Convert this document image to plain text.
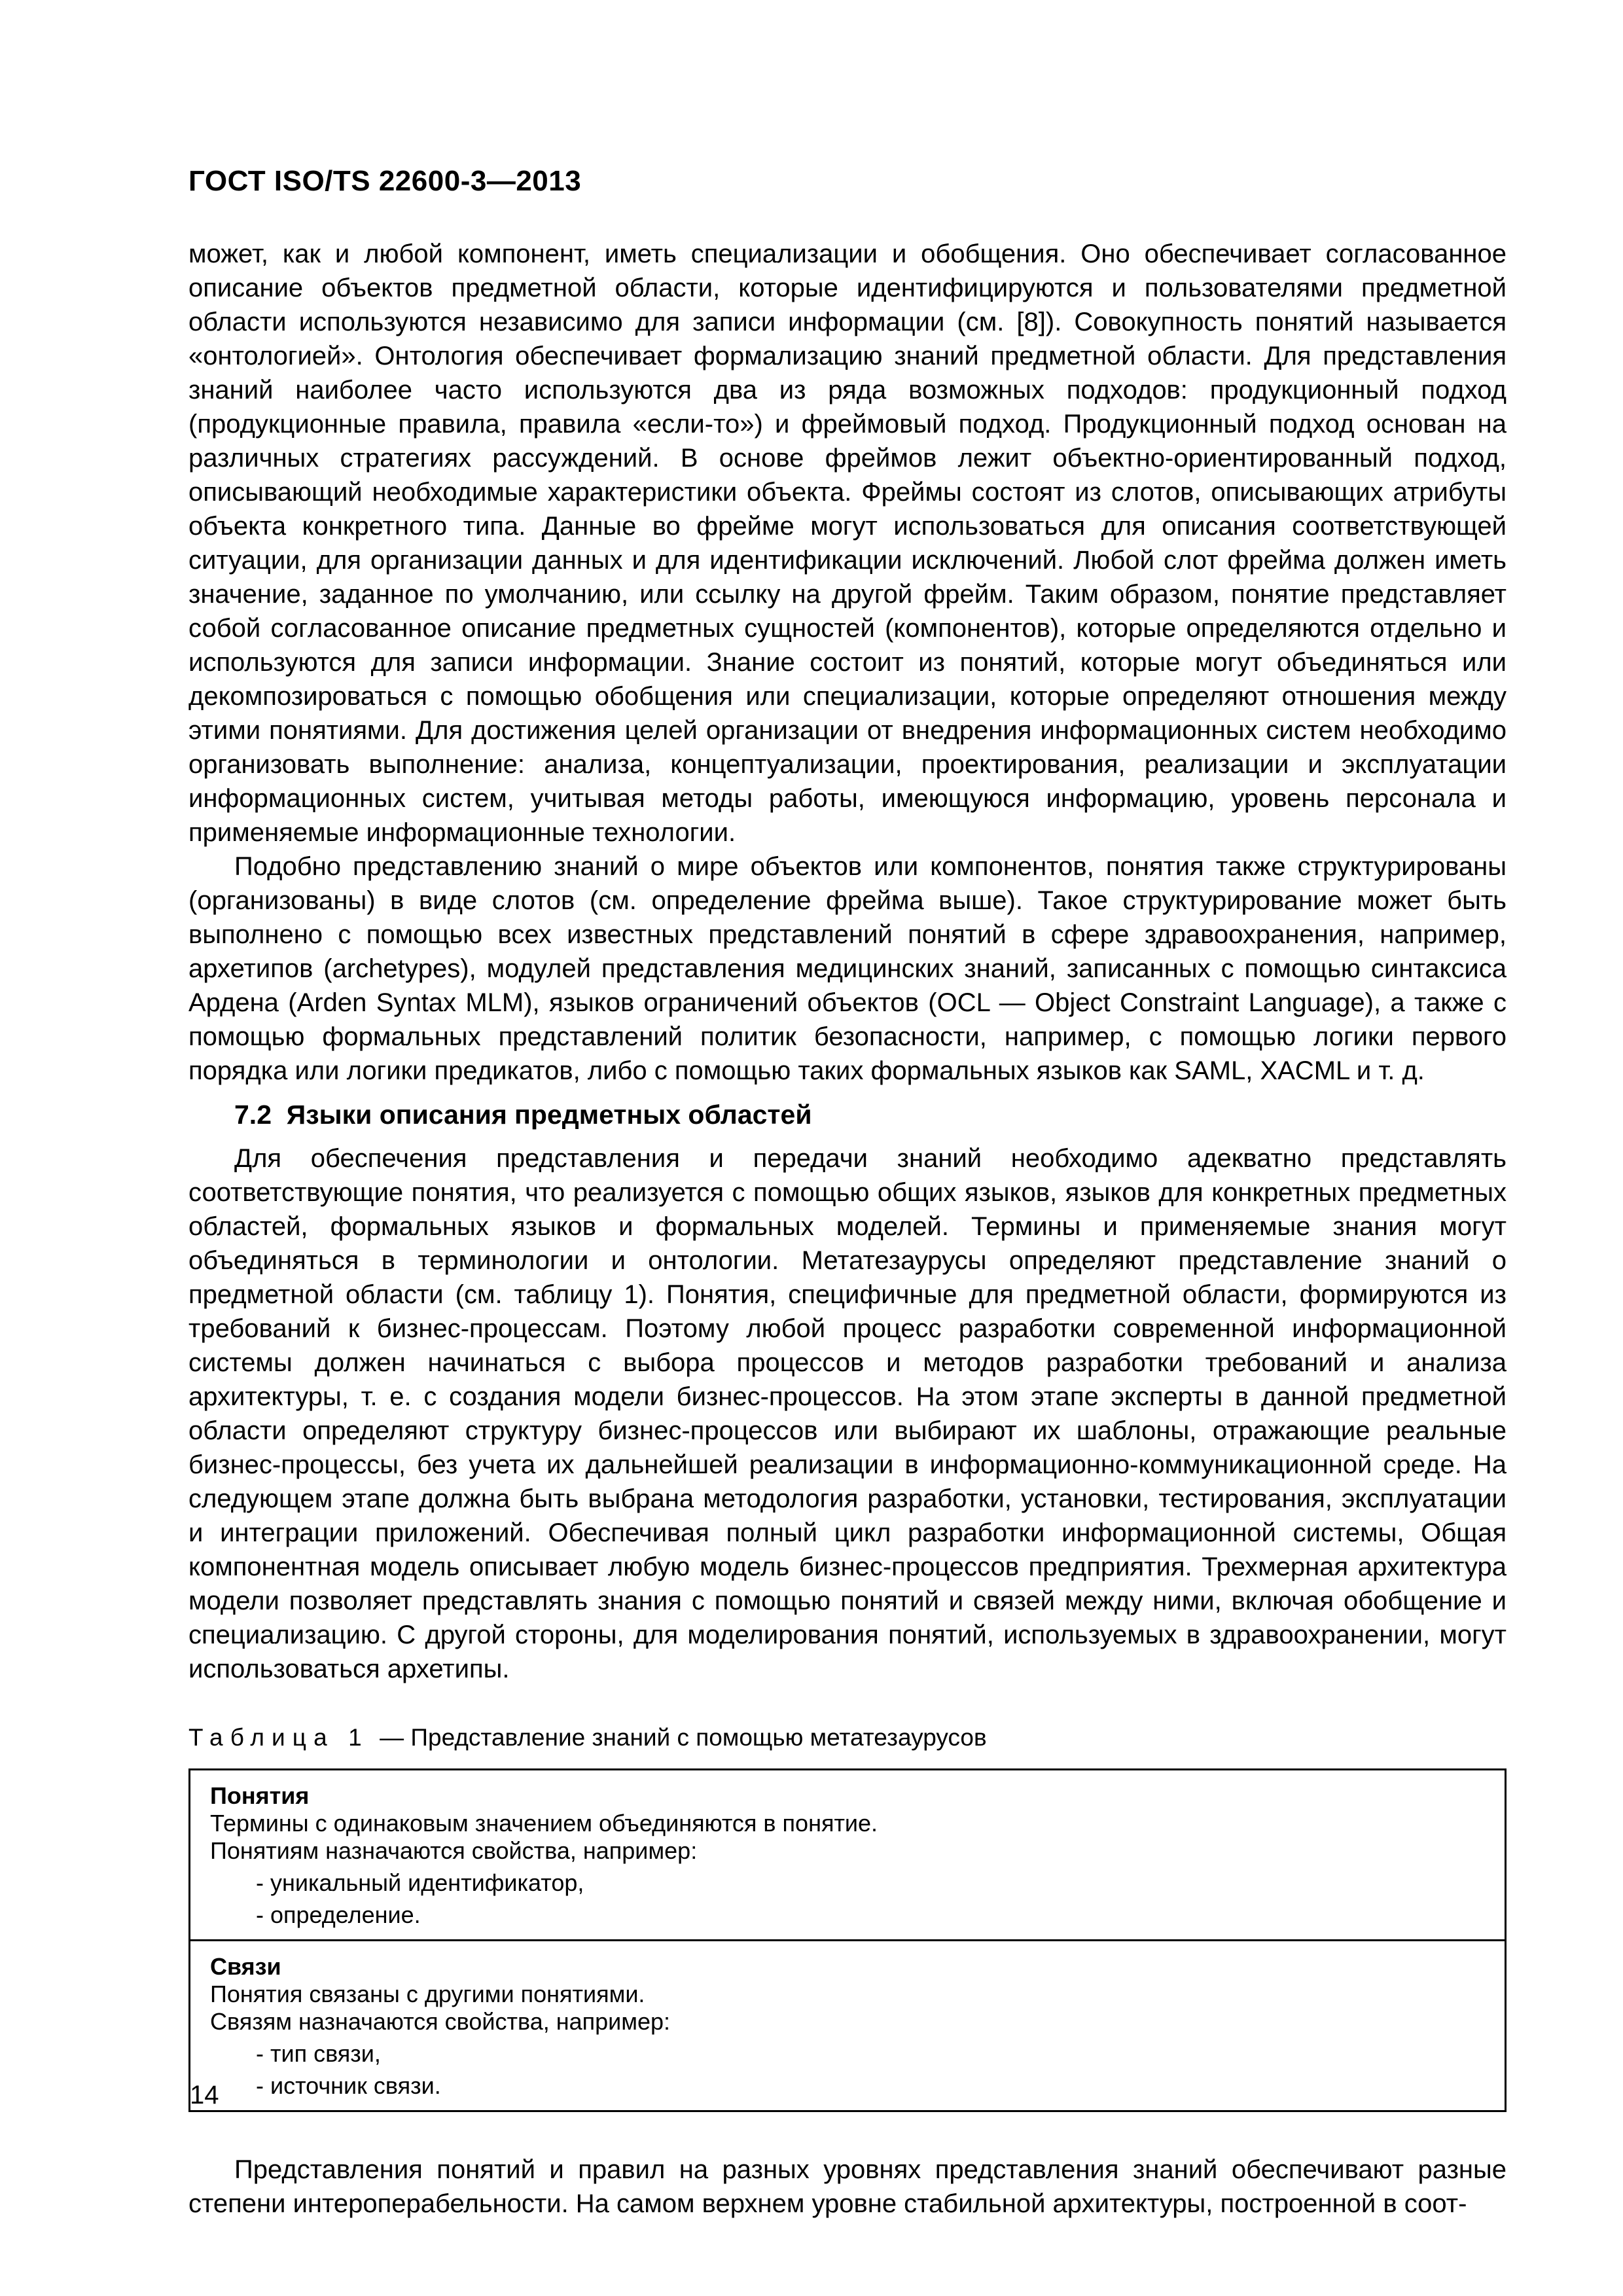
ГОСТ ISO/TS 22600-3—2013

может, как и любой компонент, иметь специализации и обобщения. Оно обеспечивает согласованное описание объектов предметной области, которые идентифицируются и пользователями предметной области используются независимо для записи информации (см. [8]). Совокупность понятий называется «онтологией». Онтология обеспечивает формализацию знаний предметной области. Для представления знаний наиболее часто используются два из ряда возможных подходов: продукционный подход (продукционные правила, правила «если-то») и фреймовый подход. Продукционный подход основан на различных стратегиях рассуждений. В основе фреймов лежит объектно-ориентированный подход, описывающий необходимые характеристики объекта. Фреймы состоят из слотов, описывающих атрибуты объекта конкретного типа. Данные во фрейме могут использоваться для описания соответствующей ситуации, для организации данных и для идентификации исключений. Любой слот фрейма должен иметь значение, заданное по умолчанию, или ссылку на другой фрейм. Таким образом, понятие представляет собой согласованное описание предметных сущностей (компонентов), которые определяются отдельно и используются для записи информации. Знание состоит из понятий, которые могут объединяться или декомпозироваться с помощью обобщения или специализации, которые определяют отношения между этими понятиями. Для достижения целей организации от внедрения информационных систем необходимо организовать выполнение: анализа, концептуализации, проектирования, реализации и эксплуатации информационных систем, учитывая методы работы, имеющуюся информацию, уровень персонала и применяемые информационные технологии.

Подобно представлению знаний о мире объектов или компонентов, понятия также структурированы (организованы) в виде слотов (см. определение фрейма выше). Такое структурирование может быть выполнено с помощью всех известных представлений понятий в сфере здравоохранения, например, архетипов (archetypes), модулей представления медицинских знаний, записанных с помощью синтаксиса Ардена (Arden Syntax MLM), языков ограничений объектов (OCL — Object Constraint Language), а также с помощью формальных представлений политик безопасности, например, с помощью логики первого порядка или логики предикатов, либо с помощью таких формальных языков как SAML, XACML и т. д.

7.2  Языки описания предметных областей

Для обеспечения представления и передачи знаний необходимо адекватно представлять соответствующие понятия, что реализуется с помощью общих языков, языков для конкретных предметных областей, формальных языков и формальных моделей. Термины и применяемые знания могут объединяться в терминологии и онтологии. Метатезаурусы определяют представление знаний о предметной области (см. таблицу 1). Понятия, специфичные для предметной области, формируются из требований к бизнес-процессам. Поэтому любой процесс разработки современной информационной системы должен начинаться с выбора процессов и методов разработки требований и анализа архитектуры, т. е. с создания модели бизнес-процессов. На этом этапе эксперты в данной предметной области определяют структуру бизнес-процессов или выбирают их шаблоны, отражающие реальные бизнес-процессы, без учета их дальнейшей реализации в информационно-коммуникационной среде. На следующем этапе должна быть выбрана методология разработки, установки, тестирования, эксплуатации и интеграции приложений. Обеспечивая полный цикл разработки информационной системы, Общая компонентная модель описывает любую модель бизнес-процессов предприятия. Трехмерная архитектура модели позволяет представлять знания с помощью понятий и связей между ними, включая обобщение и специализацию. С другой стороны, для моделирования понятий, используемых в здравоохранении, могут использоваться архетипы.

Таблица 1 — Представление знаний с помощью метатезаурусов
Понятия
Термины с одинаковым значением объединяются в понятие.
Понятиям назначаются свойства, например:
- уникальный идентификатор,
- определение.

Связи
Понятия связаны с другими понятиями.
Связям назначаются свойства, например:
- тип связи,
- источник связи.

Представления понятий и правил на разных уровнях представления знаний обеспечивают разные степени интероперабельности. На самом верхнем уровне стабильной архитектуры, построенной в соот-

14
